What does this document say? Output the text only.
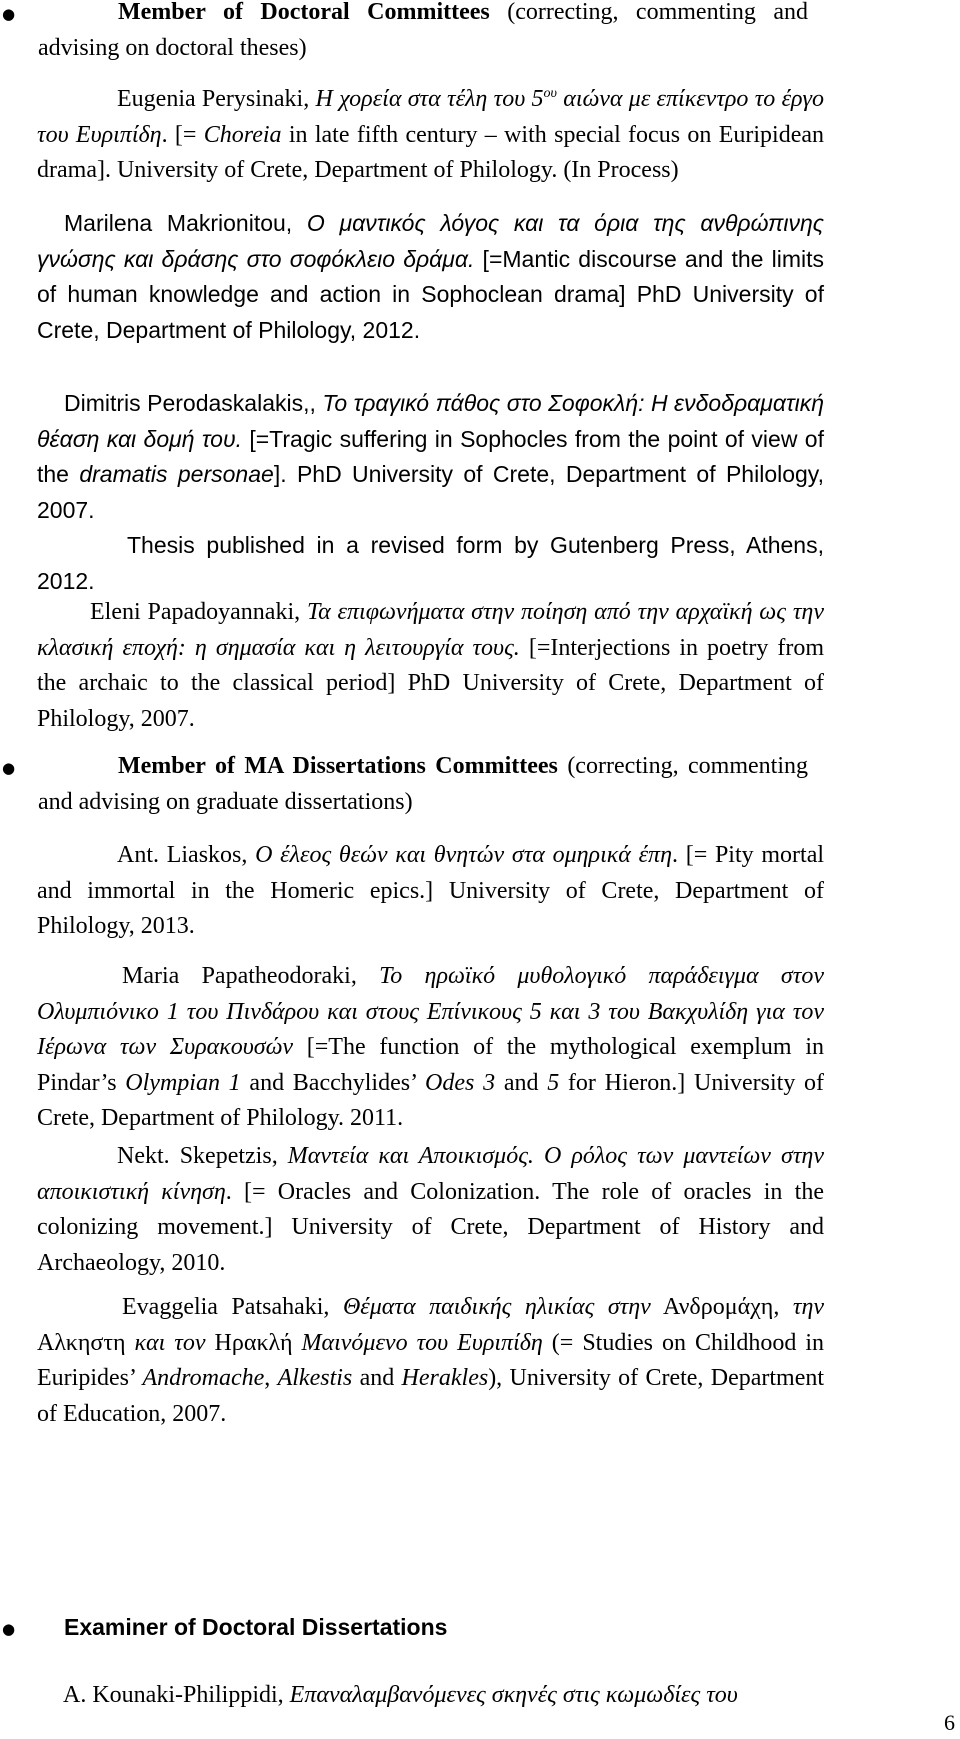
●	Member of Doctoral Committees (correcting, commenting and advising on doctoral theses)

Eugenia Perysinaki, Η χορεία στα τέλη του $5^{o\upsilon}$ αιώνα με επίκεντρο το έργο του Ευριπίδη. [= Choreia in late fifth century – with special focus on Euripidean drama]. University of Crete, Department of Philology. (In Process)

Marilena Makrionitou, Ο μαντικός λόγος και τα όρια της ανθρώπινης γνώσης και δράσης στο σοφόκλειο δράμα. [=Mantic discourse and the limits of human knowledge and action in Sophoclean drama] PhD University of Crete, Department of Philology, 2012.

Dimitris Perodaskalakis,, Το τραγικό πάθος στο Σοφοκλή: Η ενδοδραματική θέαση και δομή του. [=Tragic suffering in Sophocles from the point of view of the dramatis personae]. PhD University of Crete, Department of Philology, 2007.

Thesis published in a revised form by Gutenberg Press, Athens, 2012.

Eleni Papadoyannaki, Τα επιφωνήματα στην ποίηση από την αρχαϊκή ως την κλασική εποχή: η σημασία και η λειτουργία τους. [=Interjections in poetry from the archaic to the classical period] PhD University of Crete, Department of Philology, 2007.

●	Member of MA Dissertations Committees (correcting, commenting and advising on graduate dissertations)

Ant. Liaskos, Ο έλεος θεών και θνητών στα ομηρικά έπη. [= Pity mortal and immortal in the Homeric epics.] University of Crete, Department of Philology, 2013.

Maria Papatheodoraki, Το ηρωϊκό μυθολογικό παράδειγμα στον Ολυμπιόνικο 1 του Πινδάρου και στους Επίνικους 5 και 3 του Βακχυλίδη για τον Ιέρωνα των Συρακουσών [=The function of the mythological exemplum in Pindar’s Olympian 1 and Bacchylides’ Odes 3 and 5 for Hieron.] University of Crete, Department of Philology. 2011.

Nekt. Skepetzis, Μαντεία και Αποικισμός. Ο ρόλος των μαντείων στην αποικιστική κίνηση. [= Oracles and Colonization. The role of oracles in the colonizing movement.] University of Crete, Department of History and Archaeology, 2010.

Evaggelia Patsahaki, Θέματα παιδικής ηλικίας στην Ανδρομάχη, την Αλκηστη και τον Ηρακλή Μαινόμενο του Ευριπίδη (= Studies on Childhood in Euripides’ Andromache, Alkestis and Herakles), University of Crete, Department of Education, 2007.

● Examiner of Doctoral Dissertations

A. Kounaki-Philippidi, Επαναλαμβανόμενες σκηνές στις κωμωδίες του

6
